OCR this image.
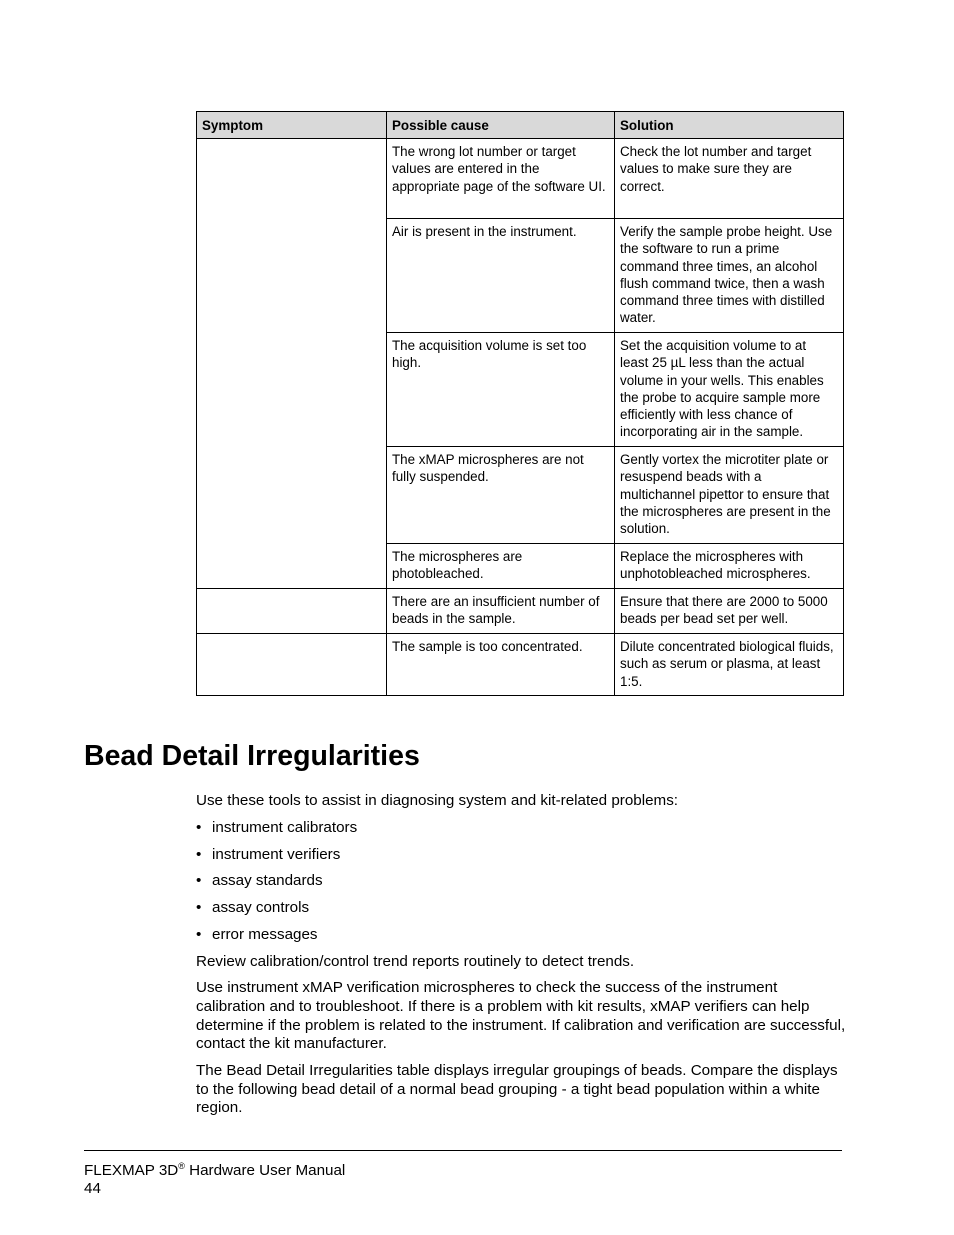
Symptom	Possible cause	Solution
	The wrong lot number or target values are entered in the appropriate page of the software UI.	Check the lot number and target values to make sure they are correct.
	Air is present in the instrument.	Verify the sample probe height. Use the software to run a prime command three times, an alcohol flush command twice, then a wash command three times with distilled water.
	The acquisition volume is set too high.	Set the acquisition volume to at least 25 µL less than the actual volume in your wells. This enables the probe to acquire sample more efficiently with less chance of incorporating air in the sample.
	The xMAP microspheres are not fully suspended.	Gently vortex the microtiter plate or resuspend beads with a multichannel pipettor to ensure that the microspheres are present in the solution.
	The microspheres are photobleached.	Replace the microspheres with unphotobleached microspheres.
	There are an insufficient number of beads in the sample.	Ensure that there are 2000 to 5000 beads per bead set per well.
	The sample is too concentrated.	Dilute concentrated biological fluids, such as serum or plasma, at least 1:5.
Bead Detail Irregularities

Use these tools to assist in diagnosing system and kit-related problems:

• instrument calibrators
• instrument verifiers
• assay standards
• assay controls
• error messages

Review calibration/control trend reports routinely to detect trends.

Use instrument xMAP verification microspheres to check the success of the instrument calibration and to troubleshoot. If there is a problem with kit results, xMAP verifiers can help determine if the problem is related to the instrument. If calibration and verification are successful, contact the kit manufacturer.

The Bead Detail Irregularities table displays irregular groupings of beads. Compare the displays to the following bead detail of a normal bead grouping - a tight bead population within a white region.

FLEXMAP 3D® Hardware User Manual
44
